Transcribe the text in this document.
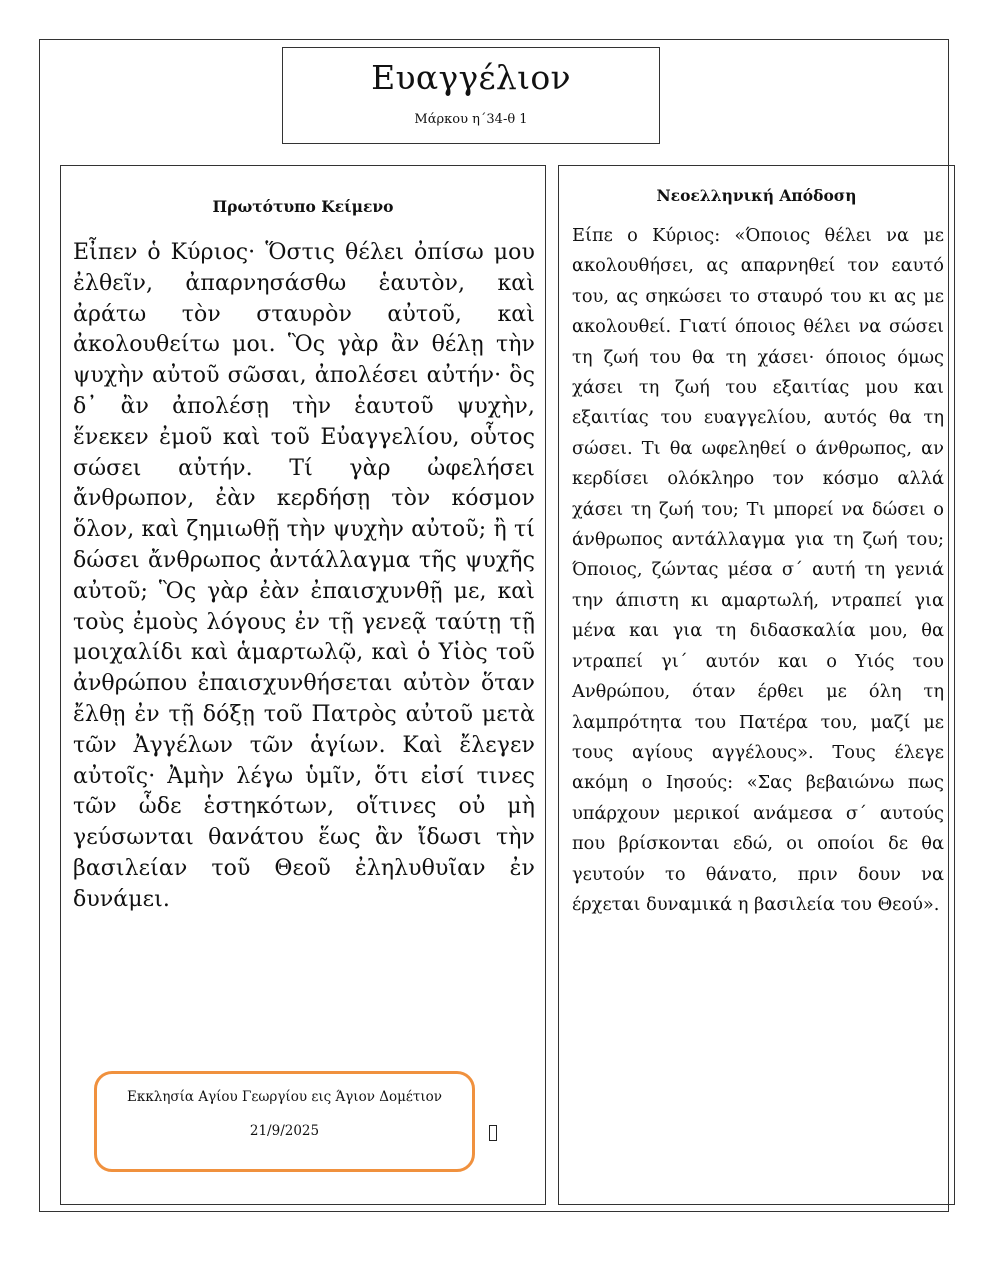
Πρωτότυπο Κείμενο
Εἶπεν ὁ Κύριος· Ὅστις θέλει ὀπίσω μου ἐλθεῖν, ἀπαρνησάσθω ἑαυτὸν, καὶ ἀράτω τὸν σταυρὸν αὐτοῦ, καὶ ἀκολουθείτω μοι. Ὃς γὰρ ἂν θέλῃ τὴν ψυχὴν αὐτοῦ σῶσαι, ἀπολέσει αὐτήν· ὃς δ᾿ ἂν ἀπολέσῃ τὴν ἑαυτοῦ ψυχὴν, ἕνεκεν ἐμοῦ καὶ τοῦ Εὐαγγελίου, οὗτος σώσει αὐτήν. Τί γὰρ ὠφελήσει ἄνθρωπον, ἐὰν κερδήσῃ τὸν κόσμον ὅλον, καὶ ζημιωθῇ τὴν ψυχὴν αὐτοῦ; ἢ τί δώσει ἄνθρωπος ἀντάλλαγμα τῆς ψυχῆς αὐτοῦ; Ὃς γὰρ ἐὰν ἐπαισχυνθῇ με, καὶ τοὺς ἐμοὺς λόγους ἐν τῇ γενεᾷ ταύτῃ τῇ μοιχαλίδι καὶ ἁμαρτωλῷ, καὶ ὁ Υἱὸς τοῦ ἀνθρώπου ἐπαισχυνθήσεται αὐτὸν ὅταν ἔλθῃ ἐν τῇ δόξῃ τοῦ Πατρὸς αὐτοῦ μετὰ τῶν Ἀγγέλων τῶν ἁγίων. Καὶ ἔλεγεν αὐτοῖς· Ἀμὴν λέγω ὑμῖν, ὅτι εἰσί τινες τῶν ὧδε ἑστηκότων, οἵτινες οὐ μὴ γεύσωνται θανάτου ἕως ἂν ἴδωσι τὴν βασιλείαν τοῦ Θεοῦ ἐληλυθυῖαν ἐν δυνάμει.
Νεοελληνική Απόδοση
Είπε ο Κύριος: «Όποιος θέλει να με ακολουθήσει, ας απαρνηθεί τον εαυτό του, ας σηκώσει το σταυρό του κι ας με ακολουθεί. Γιατί όποιος θέλει να σώσει τη ζωή του θα τη χάσει· όποιος όμως χάσει τη ζωή του εξαιτίας μου και εξαιτίας του ευαγγελίου, αυτός θα τη σώσει. Τι θα ωφεληθεί ο άνθρωπος, αν κερδίσει ολόκληρο τον κόσμο αλλά χάσει τη ζωή του; Τι μπορεί να δώσει ο άνθρωπος αντάλλαγμα για τη ζωή του; Όποιος, ζώντας μέσα σ΄ αυτή τη γενιά την άπιστη κι αμαρτωλή, ντραπεί για μένα και για τη διδασκαλία μου, θα ντραπεί γι΄ αυτόν και ο Υιός του Ανθρώπου, όταν έρθει με όλη τη λαμπρότητα του Πατέρα του, μαζί με τους αγίους αγγέλους». Τους έλεγε ακόμη ο Ιησούς: «Σας βεβαιώνω πως υπάρχουν μερικοί ανάμεσα σ΄ αυτούς που βρίσκονται εδώ, οι οποίοι δε θα γευτούν το θάνατο, πριν δουν να έρχεται δυναμικά η βασιλεία του Θεού».
Ευαγγέλιον
Μάρκου η΄34-θ 1
Εκκλησία Αγίου Γεωργίου εις Άγιον Δομέτιον
21/9/2025
